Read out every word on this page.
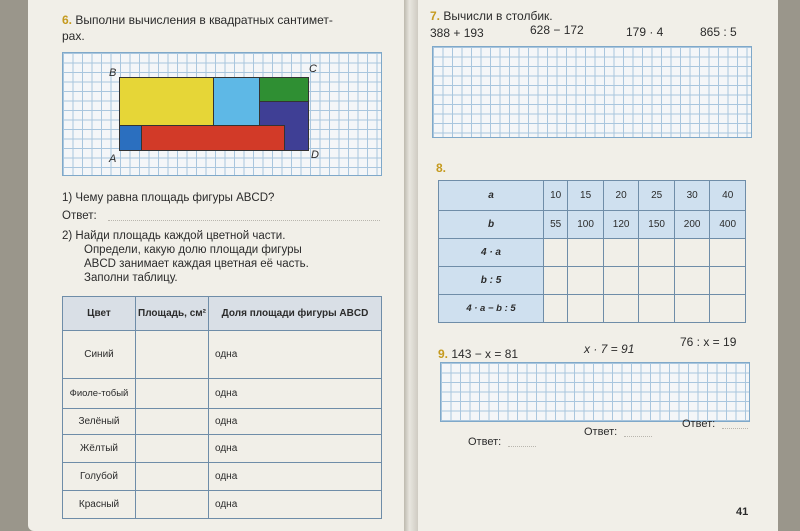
6. Выполни вычисления в квадратных сантимет-
рах.
B	C
A	D
1) Чему равна площадь фигуры ABCD?
Ответ:
2) Найди площадь каждой цветной части.
Определи, какую долю площади фигуры
ABCD занимает каждая цветная её часть.
Заполни таблицу.
Цвет	Площадь, см²	Доля площади фигуры ABCD
Синий		одна
Фиоле-тобый		одна
Зелёный		одна
Жёлтый		одна
Голубой		одна
Красный		одна
7. Вычисли в столбик.
388 + 193	628 − 172	179 · 4	865 : 5
8.
a	10	15	20	25	30	40
b	55	100	120	150	200	400
4 · a						
b : 5						
4 · a − b : 5						
9. 143 − x = 81	x · 7 = 91	76 : x = 19
Ответ:
Ответ:
Ответ:
41
